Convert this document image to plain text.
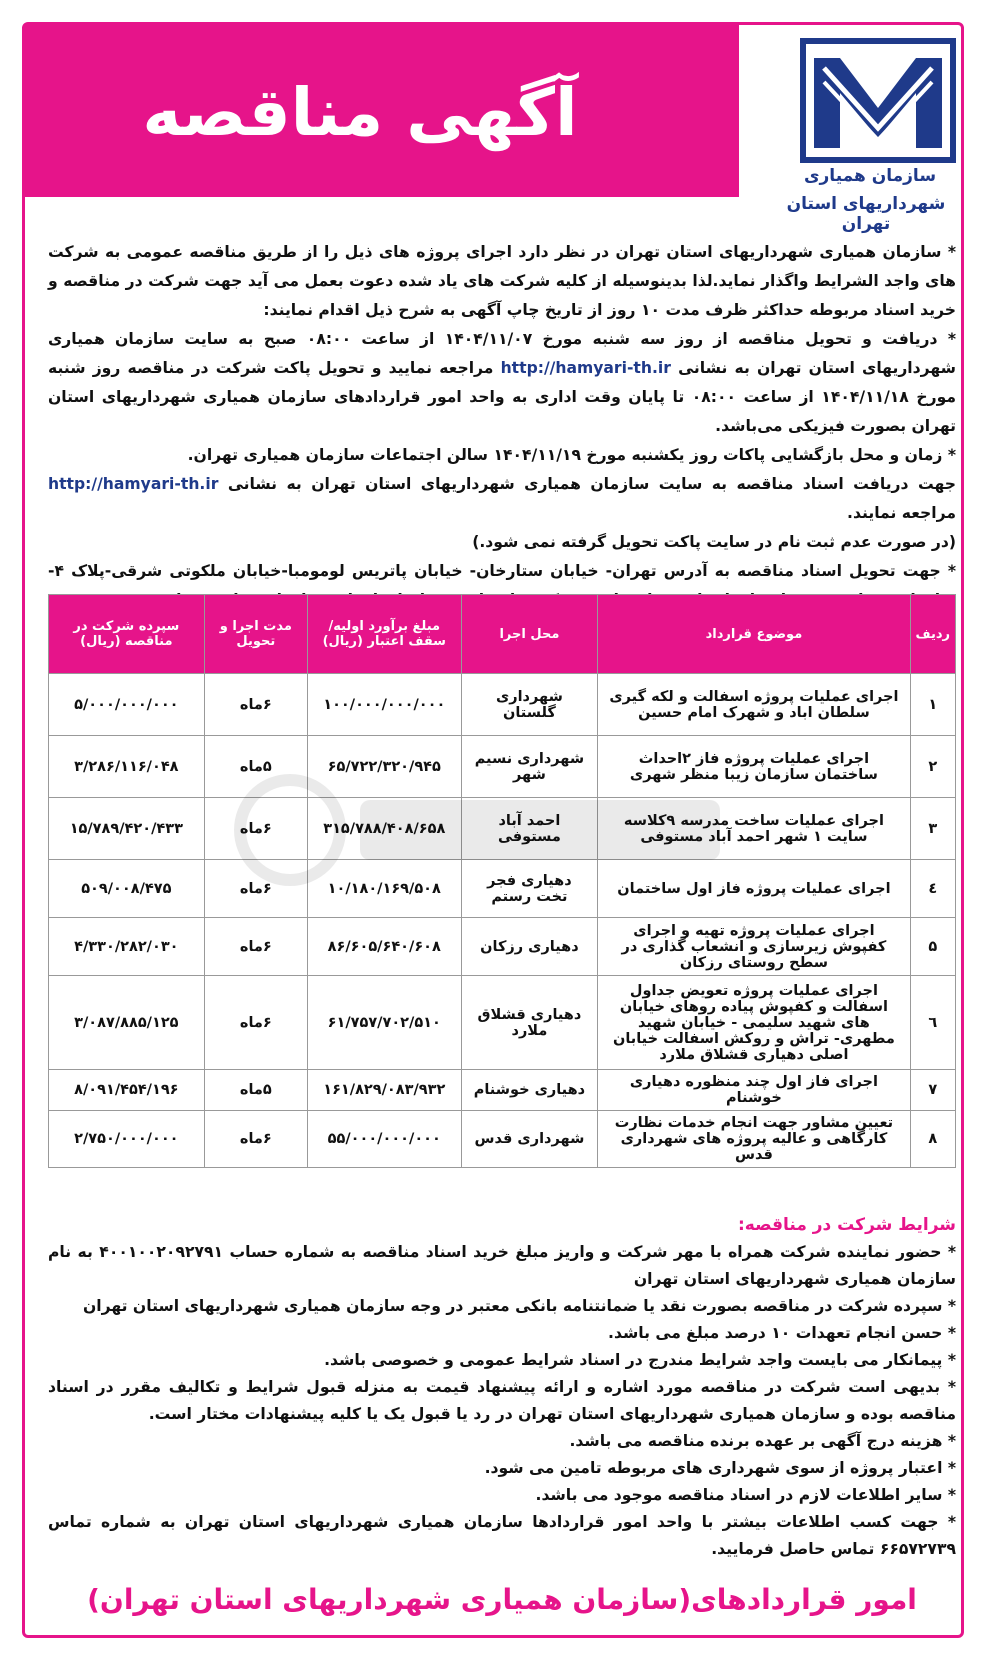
آگهی مناقصه عمومی
سازمان همیاری
شهرداریهای استان تهران

* سازمان همیاری شهرداریهای استان تهران در نظر دارد اجرای پروژه های ذیل را از طریق مناقصه عمومی به شرکت های واجد الشرایط واگذار نماید.لذا بدینوسیله از کلیه شرکت های یاد شده دعوت بعمل می آید جهت شرکت در مناقصه و خرید اسناد مربوطه حداکثر ظرف مدت ۱۰ روز از تاریخ چاپ آگهی به شرح ذیل اقدام نمایند:

* دریافت و تحویل مناقصه از روز سه شنبه مورخ ۱۴۰۴/۱۱/۰۷ از ساعت ۰۸:۰۰ صبح به سایت سازمان همیاری شهرداریهای استان تهران به نشانی http://hamyari-th.ir مراجعه نمایید و تحویل پاکت شرکت در مناقصه روز شنبه مورخ ۱۴۰۴/۱۱/۱۸ از ساعت ۰۸:۰۰ تا پایان وقت اداری به واحد امور قراردادهای سازمان همیاری شهرداریهای استان تهران بصورت فیزیکی می‌باشد.

* زمان و محل بازگشایی پاکات روز یکشنبه مورخ ۱۴۰۴/۱۱/۱۹ سالن اجتماعات سازمان همیاری تهران.

جهت دریافت اسناد مناقصه به سایت سازمان همیاری شهرداریهای استان تهران به نشانی http://hamyari-th.ir مراجعه نمایند.

(در صورت عدم ثبت نام در سایت پاکت تحویل گرفته نمی شود.)

* جهت تحویل اسناد مناقصه به آدرس تهران- خیابان ستارخان- خیابان پاتریس لومومبا-خیابان ملکوتی شرقی-پلاک ۴-

ردیف	موضوع قرارداد	محل اجرا	مبلغ برآورد اولیه/ سقف اعتبار (ریال)	مدت اجرا و تحویل	سپرده شرکت در مناقصه (ریال)
۱	اجرای عملیات پروژه اسفالت و لکه گیری سلطان اباد و شهرک امام حسین	شهرداری گلستان	۱۰۰/۰۰۰/۰۰۰/۰۰۰	۶ماه	۵/۰۰۰/۰۰۰/۰۰۰
۲	اجرای عملیات پروژه فاز ۲احداث ساختمان سازمان زیبا منظر شهری	شهرداری نسیم شهر	۶۵/۷۲۲/۳۲۰/۹۴۵	۵ماه	۳/۲۸۶/۱۱۶/۰۴۸
۳	اجرای عملیات ساخت مدرسه ۹کلاسه سایت ۱ شهر احمد آباد مستوفی	احمد آباد مستوفی	۳۱۵/۷۸۸/۴۰۸/۶۵۸	۶ماه	۱۵/۷۸۹/۴۲۰/۴۳۳
٤	اجرای عملیات پروژه فاز اول ساختمان	دهیاری فجر تخت رستم	۱۰/۱۸۰/۱۶۹/۵۰۸	۶ماه	۵۰۹/۰۰۸/۴۷۵
۵	اجرای عملیات پروژه تهیه و اجرای کفپوش زیرسازی و انشعاب گذاری در سطح روستای رزکان	دهیاری رزکان	۸۶/۶۰۵/۶۴۰/۶۰۸	۶ماه	۴/۳۳۰/۲۸۲/۰۳۰
٦	اجرای عملیات پروژه تعویض جداول اسفالت و کفپوش پیاده روهای خیابان های شهید سلیمی - خیابان شهید مطهری- تراش و روکش اسفالت خیابان اصلی دهیاری قشلاق ملارد	دهیاری قشلاق ملارد	۶۱/۷۵۷/۷۰۲/۵۱۰	۶ماه	۳/۰۸۷/۸۸۵/۱۲۵
۷	اجرای فاز اول چند منظوره دهیاری خوشنام	دهیاری خوشنام	۱۶۱/۸۲۹/۰۸۳/۹۳۲	۵ماه	۸/۰۹۱/۴۵۴/۱۹۶
۸	تعیین مشاور جهت انجام خدمات نظارت کارگاهی و عالیه پروژه های شهرداری قدس	شهرداری قدس	۵۵/۰۰۰/۰۰۰/۰۰۰	۶ماه	۲/۷۵۰/۰۰۰/۰۰۰

شرایط شرکت در مناقصه:

* حضور نماینده شرکت همراه با مهر شرکت و واریز مبلغ خرید اسناد مناقصه به شماره حساب ۴۰۰۱۰۰۲۰۹۲۷۹۱ به نام سازمان همیاری شهرداریهای استان تهران

* سپرده شرکت در مناقصه بصورت نقد یا ضمانتنامه بانکی معتبر در وجه سازمان همیاری شهرداریهای استان تهران

* حسن انجام تعهدات ۱۰ درصد مبلغ می باشد.

* پیمانکار می بایست واجد شرایط مندرج در اسناد شرایط عمومی و خصوصی باشد.

* بدیهی است شرکت در مناقصه مورد اشاره و ارائه پیشنهاد قیمت به منزله قبول شرایط و تکالیف مقرر در اسناد مناقصه بوده و سازمان همیاری شهرداریهای استان تهران در رد یا قبول یک یا کلیه پیشنهادات مختار است.

* هزینه درج آگهی بر عهده برنده مناقصه می باشد.

* اعتبار پروژه از سوی شهرداری های مربوطه تامین می شود.

* سایر اطلاعات لازم در اسناد مناقصه موجود می باشد.

* جهت کسب اطلاعات بیشتر با واحد امور قراردادها سازمان همیاری شهرداریهای استان تهران به شماره تماس ۶۶۵۷۲۷۳۹ تماس حاصل فرمایید.

امور قراردادهای(سازمان همیاری شهرداریهای استان تهران)
